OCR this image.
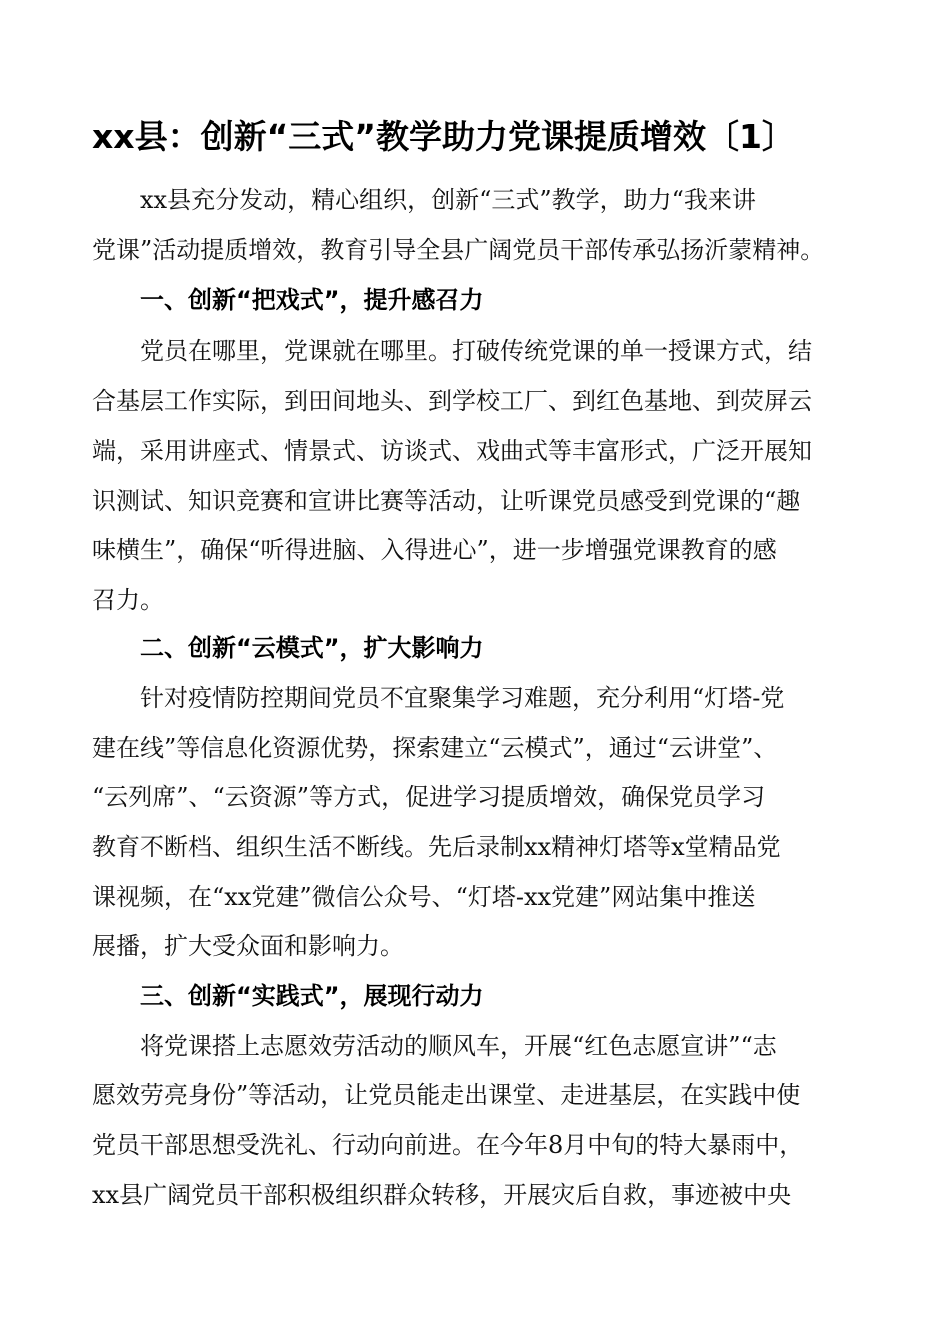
xx县：创新“三式”教学助力党课提质增效〔1〕
xx县充分发动，精心组织，创新“三式”教学，助力“我来讲
党课”活动提质增效，教育引导全县广阔党员干部传承弘扬沂蒙精神。
一、创新“把戏式”，提升感召力
党员在哪里，党课就在哪里。打破传统党课的单一授课方式，结
合基层工作实际，到田间地头、到学校工厂、到红色基地、到荧屏云
端，采用讲座式、情景式、访谈式、戏曲式等丰富形式，广泛开展知
识测试、知识竞赛和宣讲比赛等活动，让听课党员感受到党课的“趣
味横生”，确保“听得进脑、入得进心”，进一步增强党课教育的感
召力。
二、创新“云模式”，扩大影响力
针对疫情防控期间党员不宜聚集学习难题，充分利用“灯塔-党
建在线”等信息化资源优势，探索建立“云模式”，通过“云讲堂”、
“云列席”、“云资源”等方式，促进学习提质增效，确保党员学习
教育不断档、组织生活不断线。先后录制xx精神灯塔等x堂精品党
课视频，在“xx党建”微信公众号、“灯塔-xx党建”网站集中推送
展播，扩大受众面和影响力。
三、创新“实践式”，展现行动力
将党课搭上志愿效劳活动的顺风车，开展“红色志愿宣讲”“志
愿效劳亮身份”等活动，让党员能走出课堂、走进基层，在实践中使
党员干部思想受洗礼、行动向前进。在今年8月中旬的特大暴雨中，
xx县广阔党员干部积极组织群众转移，开展灾后自救，事迹被中央
